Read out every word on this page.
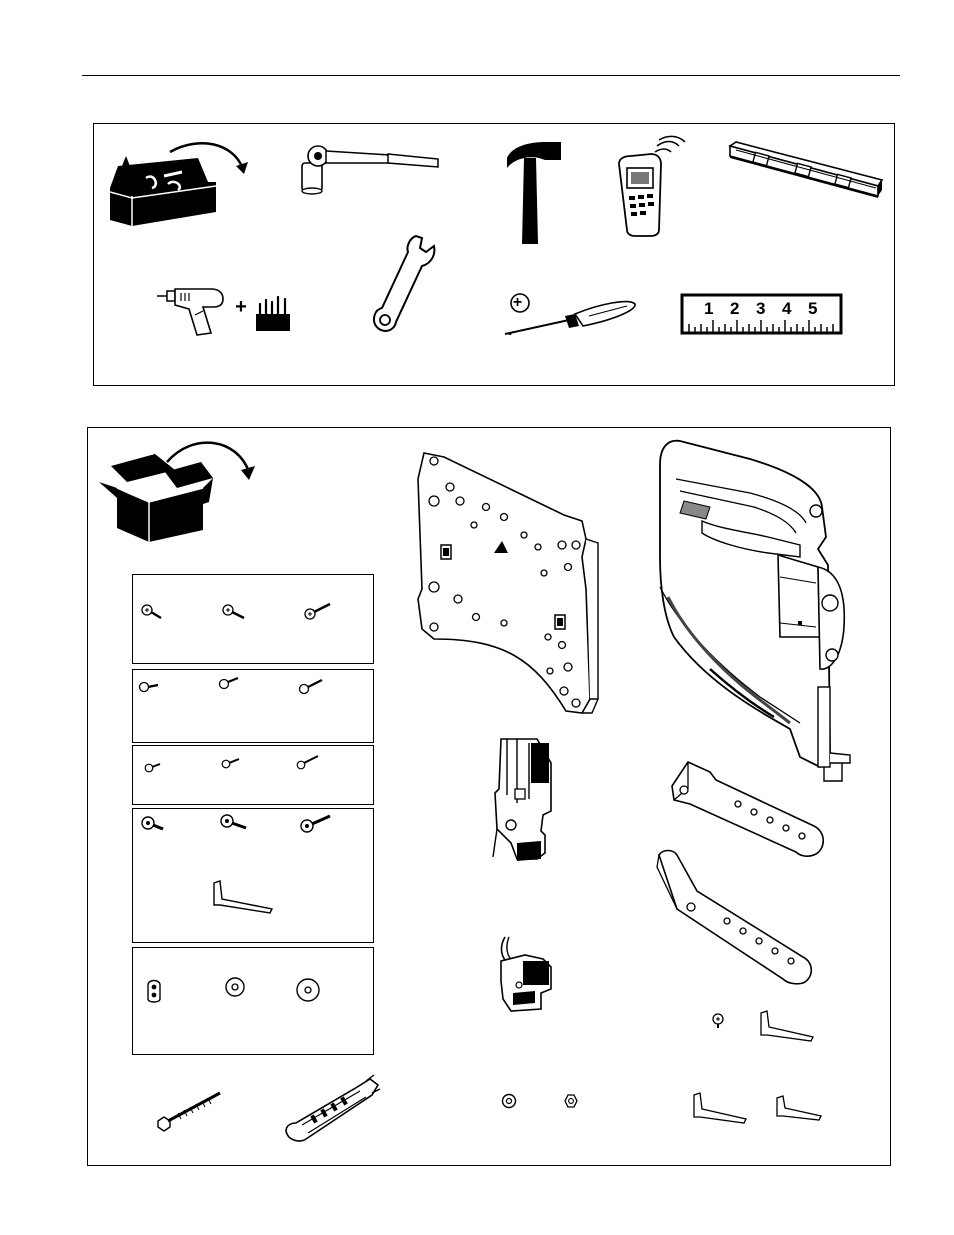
+	+	1 2 3 4 5
